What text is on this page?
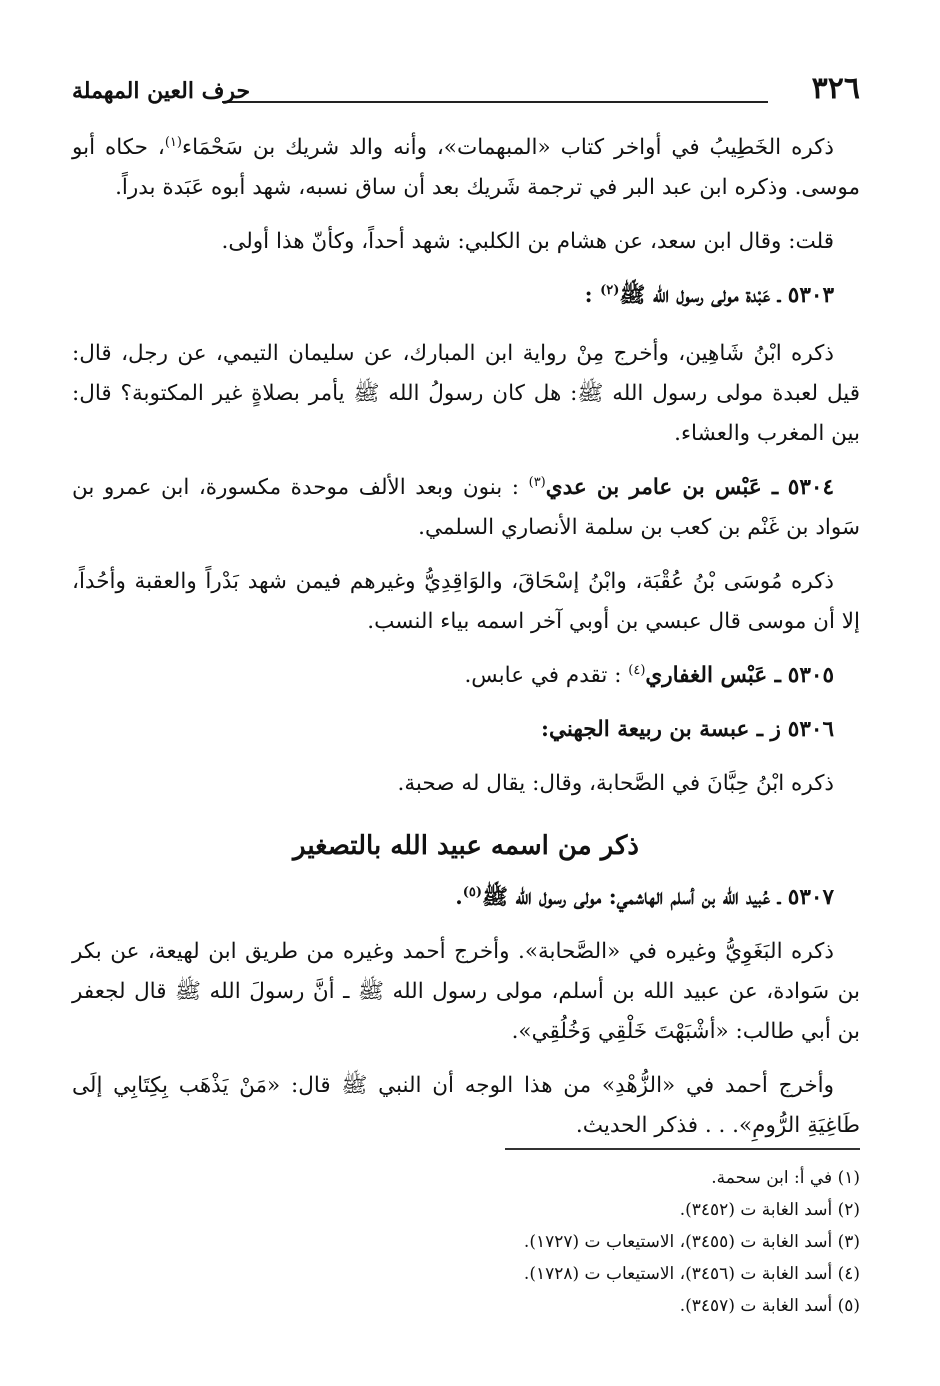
٣٢٦
حرف العين المهملة

ذكره الخَطِيبُ في أواخر كتاب «المبهمات»، وأنه والد شريك بن سَحْمَاء$^{(١)}$، حكاه أبو موسى. وذكره ابن عبد البر في ترجمة شَريك بعد أن ساق نسبه، شهد أبوه عَبَدة بدراً.

قلت: وقال ابن سعد، عن هشام بن الكلبي: شهد أحداً، وكأنّ هذا أولى.

٥٣٠٣ ـ عَبْدة مولى رسول الله ﷺ$^{(٢)}$ :

ذكره ابْنُ شَاهِين، وأخرج مِنْ رواية ابن المبارك، عن سليمان التيمي، عن رجل، قال: قيل لعبدة مولى رسول الله ﷺ: هل كان رسولُ الله ﷺ يأمر بصلاةٍ غير المكتوبة؟ قال: بين المغرب والعشاء.

٥٣٠٤ ـ عَبْس بن عامر بن عدي$^{(٣)}$ : بنون وبعد الألف موحدة مكسورة، ابن عمرو بن سَواد بن غَنْم بن كعب بن سلمة الأنصاري السلمي.

ذكره مُوسَى بْنُ عُقْبَة، وابْنُ إسْحَاقَ، والوَاقِدِيُّ وغيرهم فيمن شهد بَدْراً والعقبة وأحُداً، إلا أن موسى قال عبسي بن أوبي آخر اسمه بياء النسب.

٥٣٠٥ ـ عَبْس الغفاري$^{(٤)}$ : تقدم في عابس.

٥٣٠٦ ز ـ عبسة بن ربيعة الجهني:

ذكره ابْنُ حِبَّانَ في الصَّحابة، وقال: يقال له صحبة.

ذكر من اسمه عبيد الله بالتصغير

٥٣٠٧ ـ عُبيد الله بن أسلم الهاشمي: مولى رسول الله ﷺ$^{(٥)}$.

ذكره البَغَوِيُّ وغيره في «الصَّحابة». وأخرج أحمد وغيره من طريق ابن لهيعة، عن بكر بن سَوادة، عن عبيد الله بن أسلم، مولى رسول الله ﷺ ـ أنَّ رسولَ الله ﷺ قال لجعفر بن أبي طالب: «أشْبَهْتَ خَلْقِي وَخُلُقِي».

وأخرج أحمد في «الزُّهْدِ» من هذا الوجه أن النبي ﷺ قال: «مَنْ يَذْهَب بِكِتَابِي إلَى طَاغِيَةِ الرُّومِ». . . فذكر الحديث.

(١) في أ: ابن سحمة.
(٢) أسد الغابة ت (٣٤٥٢).
(٣) أسد الغابة ت (٣٤٥٥)، الاستيعاب ت (١٧٢٧).
(٤) أسد الغابة ت (٣٤٥٦)، الاستيعاب ت (١٧٢٨).
(٥) أسد الغابة ت (٣٤٥٧).
